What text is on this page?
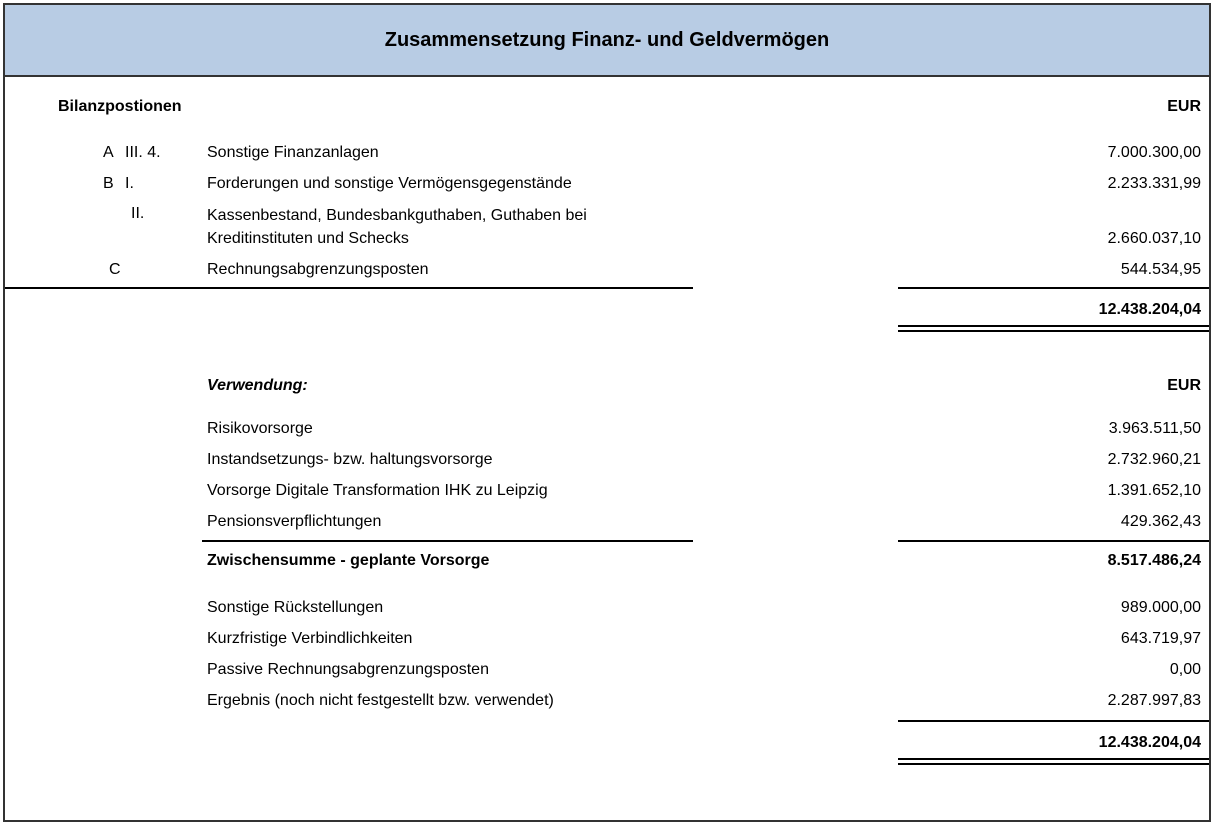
Zusammensetzung Finanz- und Geldvermögen
Bilanzpostionen	EUR
A III. 4.	Sonstige Finanzanlagen	7.000.300,00
B I.	Forderungen und sonstige Vermögensgegenstände	2.233.331,99
II.	Kassenbestand, Bundesbankguthaben, Guthaben bei
Kreditinstituten und Schecks	2.660.037,10
C	Rechnungsabgrenzungsposten	544.534,95
12.438.204,04
Verwendung:	EUR
Risikovorsorge	3.963.511,50
Instandsetzungs- bzw. haltungsvorsorge	2.732.960,21
Vorsorge Digitale Transformation IHK zu Leipzig	1.391.652,10
Pensionsverpflichtungen	429.362,43
Zwischensumme - geplante Vorsorge	8.517.486,24
Sonstige Rückstellungen	989.000,00
Kurzfristige Verbindlichkeiten	643.719,97
Passive Rechnungsabgrenzungsposten	0,00
Ergebnis (noch nicht festgestellt bzw. verwendet)	2.287.997,83
12.438.204,04
